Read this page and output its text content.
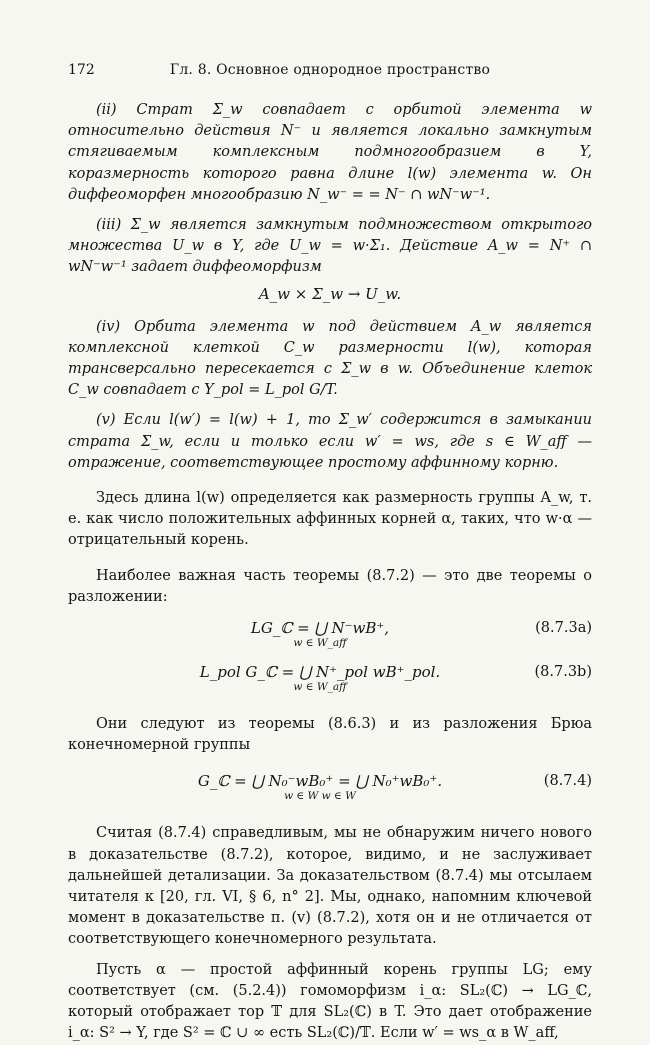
172	Гл. 8. Основное однородное пространство

(ii) Страт Σ_w совпадает с орбитой элемента w относительно действия N⁻ и является локально замкнутым стягиваемым комплексным подмногообразием в Y, коразмерность которого равна длине l(w) элемента w. Он диффеоморфен многообразию N_w⁻ = = N⁻ ∩ wN⁻w⁻¹.

(iii) Σ_w является замкнутым подмножеством открытого множества U_w в Y, где U_w = w·Σ₁. Действие A_w = N⁺ ∩ wN⁻w⁻¹ задает диффеоморфизм

A_w × Σ_w → U_w.

(iv) Орбита элемента w под действием A_w является комплексной клеткой C_w размерности l(w), которая трансверсально пересекается с Σ_w в w. Объединение клеток C_w совпадает с Y_pol = L_pol G/T.

(v) Если l(w′) = l(w) + 1, то Σ_w′ содержится в замыкании страта Σ_w, если и только если w′ = ws, где s ∈ W_aff — отражение, соответствующее простому аффинному корню.

Здесь длина l(w) определяется как размерность группы A_w, т. е. как число положительных аффинных корней α, таких, что w·α — отрицательный корень.

Наиболее важная часть теоремы (8.7.2) — это две теоремы о разложении:

LG_ℂ = ⋃ N⁻wB⁺,
w ∈ W_aff
(8.7.3a)
L_pol G_ℂ = ⋃ N⁺_pol wB⁺_pol.
w ∈ W_aff
(8.7.3b)

Они следуют из теоремы (8.6.3) и из разложения Брюа конечномерной группы

G_ℂ = ⋃ N₀⁻wB₀⁺ = ⋃ N₀⁺wB₀⁺.
w ∈ W w ∈ W
(8.7.4)

Считая (8.7.4) справедливым, мы не обнаружим ничего нового в доказательстве (8.7.2), которое, видимо, и не заслуживает дальнейшей детализации. За доказательством (8.7.4) мы отсылаем читателя к [20, гл. VI, § 6, n° 2]. Мы, однако, напомним ключевой момент в доказательстве п. (v) (8.7.2), хотя он и не отличается от соответствующего конечномерного результата.

Пусть α — простой аффинный корень группы LG; ему соответствует (см. (5.2.4)) гомоморфизм i_α: SL₂(ℂ) → LG_ℂ, который отображает тор 𝕋 для SL₂(ℂ) в T. Это дает отображение i_α: S² → Y, где S² = ℂ ∪ ∞ есть SL₂(ℂ)/𝕋. Если w′ = ws_α в W_aff,
